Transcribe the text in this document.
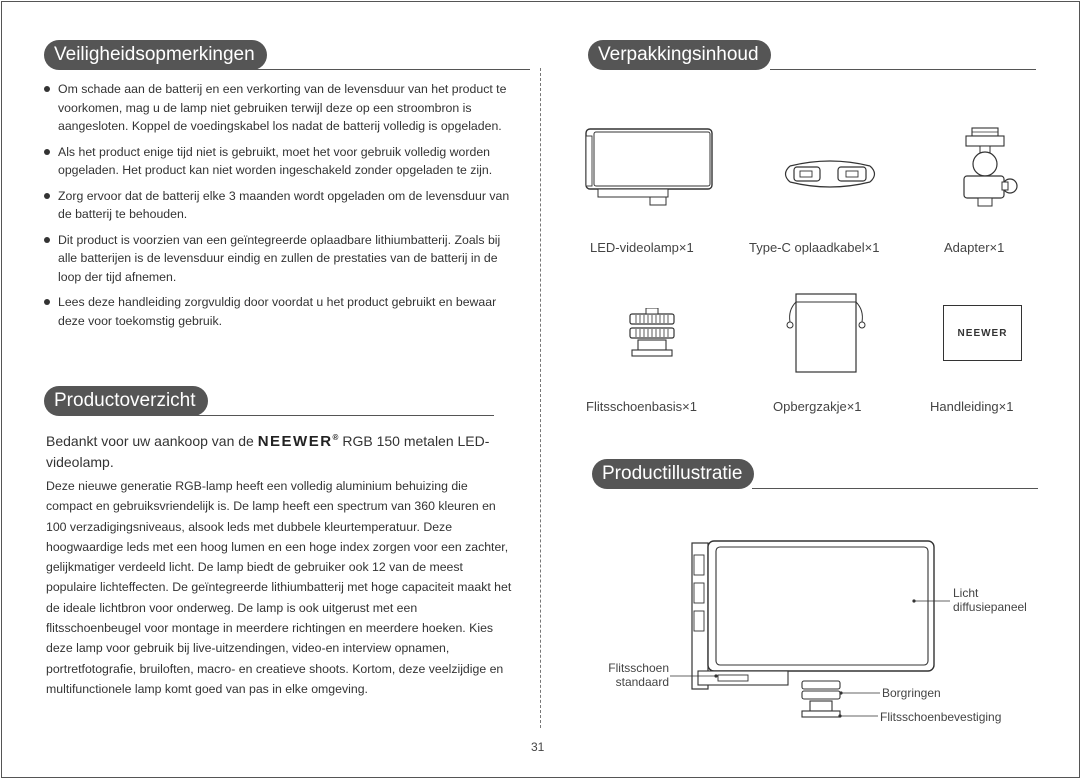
Veiligheidsopmerkingen
Om schade aan de batterij en een verkorting van de levensduur van het product te voorkomen, mag u de lamp niet gebruiken terwijl deze op een stroombron is aangesloten. Koppel de voedingskabel los nadat de batterij volledig is opgeladen.
Als het product enige tijd niet is gebruikt, moet het voor gebruik volledig worden opgeladen. Het product kan niet worden ingeschakeld zonder opgeladen te zijn.
Zorg ervoor dat de batterij elke 3 maanden wordt opgeladen om de levensduur van de batterij te behouden.
Dit product is voorzien van een geïntegreerde oplaadbare lithiumbatterij. Zoals bij alle batterijen is de levensduur eindig en zullen de prestaties van de batterij in de loop der tijd afnemen.
Lees deze handleiding zorgvuldig door voordat u het product gebruikt en bewaar deze voor toekomstig gebruik.
Productoverzicht
Bedankt voor uw aankoop van de NEEWER® RGB 150 metalen LED-videolamp.
Deze nieuwe generatie RGB-lamp heeft een volledig aluminium behuizing die compact en gebruiksvriendelijk is. De lamp heeft een spectrum van 360 kleuren en 100 verzadigingsniveaus, alsook leds met dubbele kleurtemperatuur. Deze hoogwaardige leds met een hoog lumen en een hoge index zorgen voor een zachter, gelijkmatiger verdeeld licht. De lamp biedt de gebruiker ook 12 van de meest populaire lichteffecten. De geïntegreerde lithiumbatterij met hoge capaciteit maakt het de ideale lichtbron voor onderweg. De lamp is ook uitgerust met een flitsschoenbeugel voor montage in meerdere richtingen en meerdere hoeken. Kies deze lamp voor gebruik bij live-uitzendingen, video-en interview opnamen, portretfotografie, bruiloften, macro- en creatieve shoots. Kortom, deze veelzijdige en multifunctionele lamp komt goed van pas in elke omgeving.
31
Verpakkingsinhoud
LED-videolamp×1	Type-C oplaadkabel×1	Adapter×1
Flitsschoenbasis×1	Opbergzakje×1
NEEWER
Handleiding×1
Productillustratie
Licht diffusiepaneel
Flitsschoen standaard
Borgringen
Flitsschoenbevestiging
